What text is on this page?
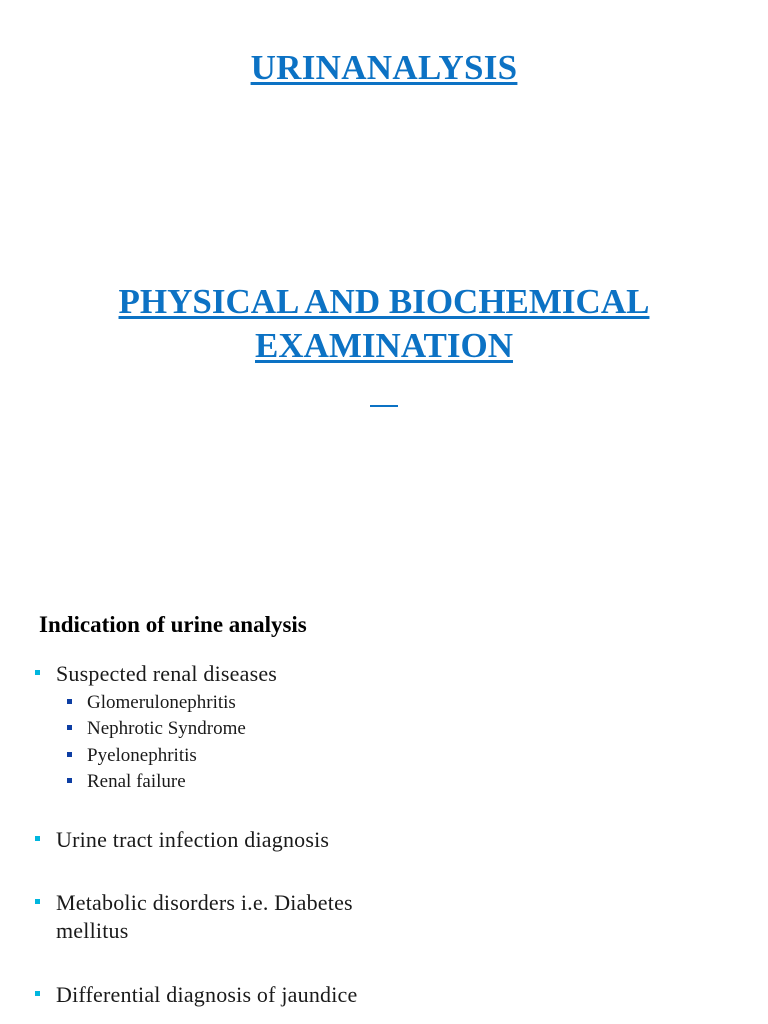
URINANALYSIS
PHYSICAL AND BIOCHEMICAL
EXAMINATION
Indication of urine analysis
Suspected renal diseases
Glomerulonephritis
Nephrotic Syndrome
Pyelonephritis
Renal failure
Urine tract infection diagnosis
Metabolic disorders i.e. Diabetes
mellitus
Differential diagnosis of jaundice
